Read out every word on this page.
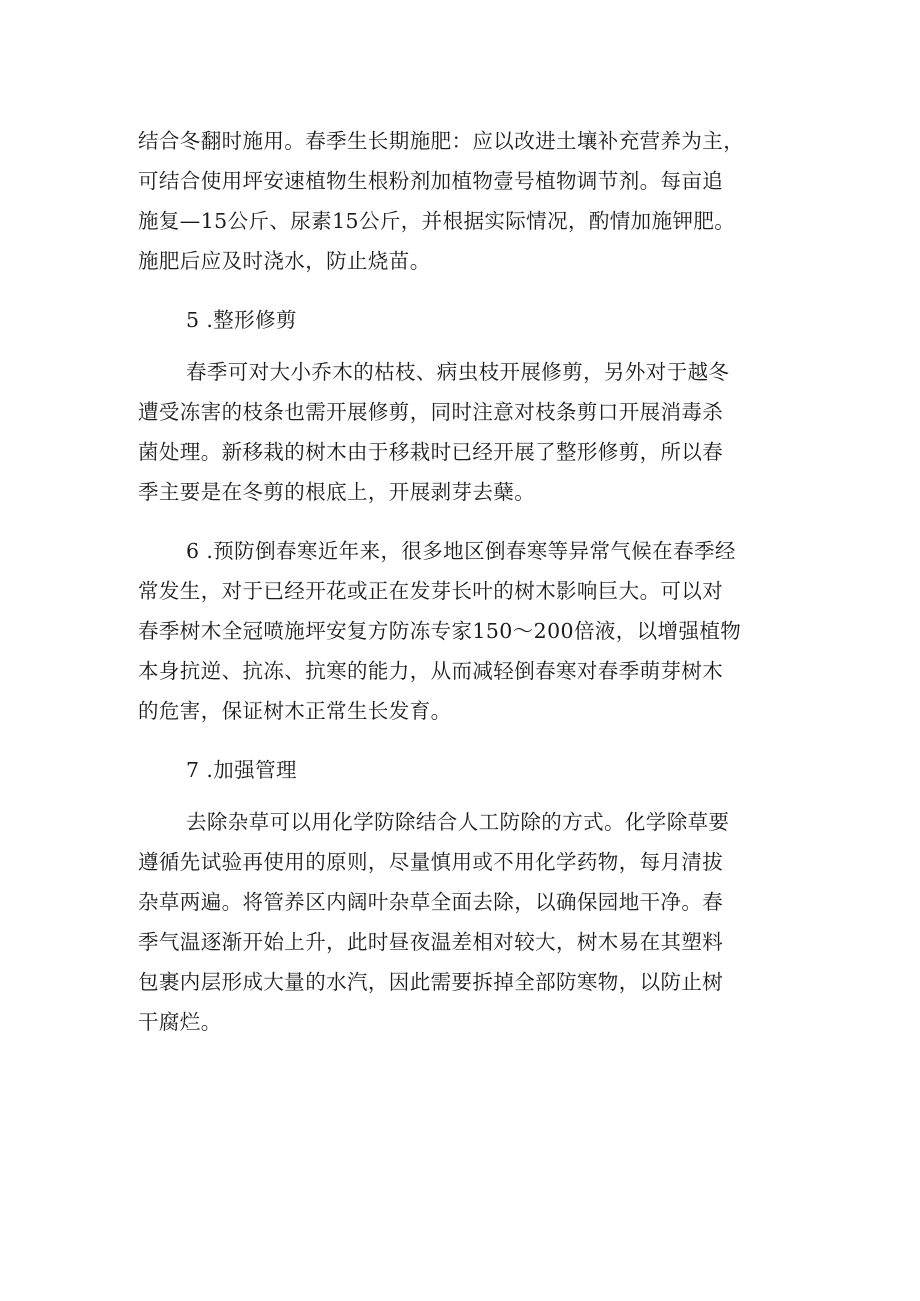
结合冬翻时施用。春季生长期施肥：应以改进土壤补充营养为主，
可结合使用坪安速植物生根粉剂加植物壹号植物调节剂。每亩追
施复—15公斤、尿素15公斤，并根据实际情况，酌情加施钾肥。
施肥后应及时浇水，防止烧苗。
5 .整形修剪
春季可对大小乔木的枯枝、病虫枝开展修剪，另外对于越冬
遭受冻害的枝条也需开展修剪，同时注意对枝条剪口开展消毒杀
菌处理。新移栽的树木由于移栽时已经开展了整形修剪，所以春
季主要是在冬剪的根底上，开展剥芽去蘖。
6 .预防倒春寒近年来，很多地区倒春寒等异常气候在春季经
常发生，对于已经开花或正在发芽长叶的树木影响巨大。可以对
春季树木全冠喷施坪安复方防冻专家150～200倍液，以增强植物
本身抗逆、抗冻、抗寒的能力，从而减轻倒春寒对春季萌芽树木
的危害，保证树木正常生长发育。
7 .加强管理
去除杂草可以用化学防除结合人工防除的方式。化学除草要
遵循先试验再使用的原则，尽量慎用或不用化学药物，每月清拔
杂草两遍。将管养区内阔叶杂草全面去除，以确保园地干净。春
季气温逐渐开始上升，此时昼夜温差相对较大，树木易在其塑料
包裹内层形成大量的水汽，因此需要拆掉全部防寒物，以防止树
干腐烂。
